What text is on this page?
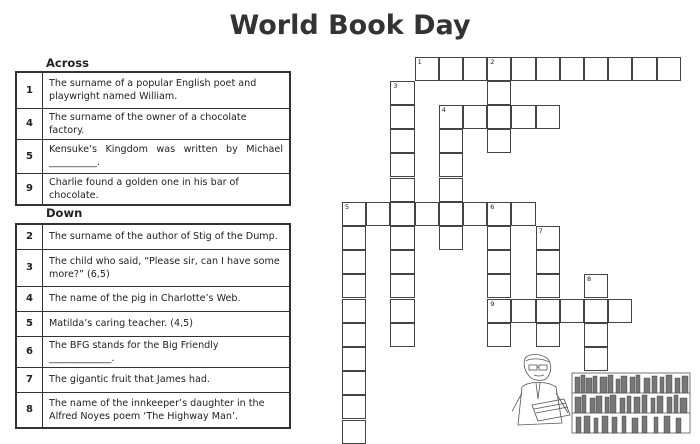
World Book Day
Across
1	The surname of a popular English poet and playwright named William.
4	The surname of the owner of a chocolate factory.
5	Kensuke’s Kingdom was written by Michael __________.
9	Charlie found a golden one in his bar of chocolate.
Down
2	The surname of the author of Stig of the Dump.
3	The child who said, “Please sir, can I have some more?” (6,5)
4	The name of the pig in Charlotte’s Web.
5	Matilda’s caring teacher. (4,5)
6	The BFG stands for the Big Friendly _____________.
7	The gigantic fruit that James had.
8	The name of the innkeeper’s daughter in the Alfred Noyes poem ‘The Highway Man’.
1	2
3
4
5	6
9
7
8
